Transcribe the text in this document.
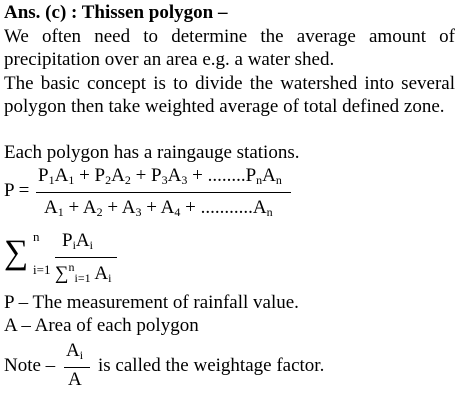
Ans. (c) : Thissen polygon –
We often need to determine the average amount of precipitation over an area e.g. a water shed.
The basic concept is to divide the watershed into several polygon then take weighted average of total defined zone.
Each polygon has a raingauge stations.
P =
$P_1A_1 + P_2A_2 + P_3A_3 + ........P_nA_n$
$A_1 + A_2 + A_3 + A_4 + ...........A_n$
∑ n
i=1
$P_iA_i$
∑$^n_{i=1}$ $A_i$
P – The measurement of rainfall value.
A – Area of each polygon
Note –
$A_i$
A
is called the weightage factor.
